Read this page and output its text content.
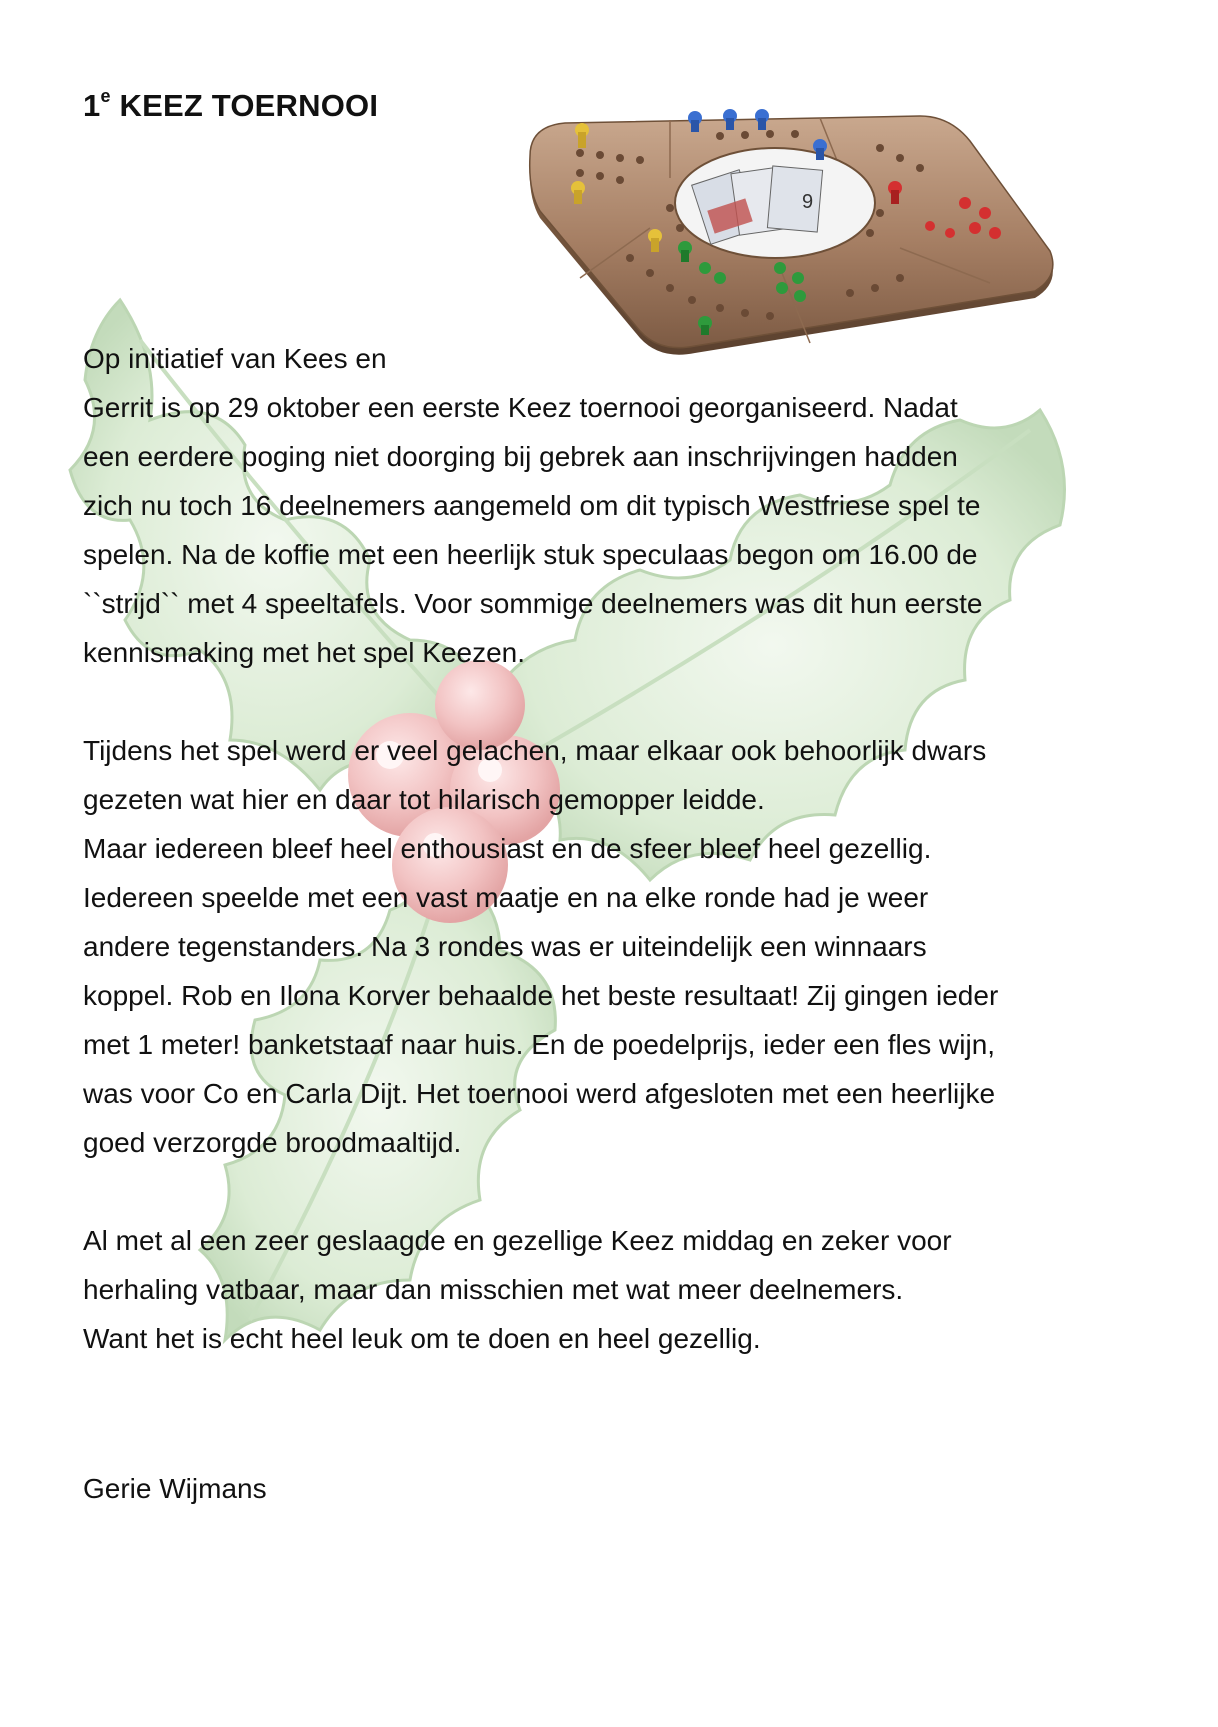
9
1e KEEZ TOERNOOI
Op initiatief van Kees en
Gerrit is op 29 oktober een eerste Keez toernooi georganiseerd. Nadat
een eerdere poging niet doorging bij gebrek aan inschrijvingen hadden
zich nu toch 16 deelnemers aangemeld om dit typisch Westfriese spel te
spelen. Na de koffie met een heerlijk stuk speculaas begon om 16.00 de
``strijd`` met 4 speeltafels. Voor sommige deelnemers was dit hun eerste
kennismaking met het spel Keezen.
Tijdens het spel werd er veel gelachen, maar elkaar ook behoorlijk dwars
gezeten wat hier en daar tot hilarisch gemopper leidde.
Maar iedereen bleef heel enthousiast en de sfeer bleef heel gezellig.
Iedereen speelde met een vast maatje en na elke ronde had je weer
andere tegenstanders. Na 3 rondes was er uiteindelijk een winnaars
koppel. Rob en Ilona Korver behaalde het beste resultaat! Zij gingen ieder
met 1 meter! banketstaaf naar huis. En de poedelprijs, ieder een fles wijn,
was voor Co en Carla Dijt. Het toernooi werd afgesloten met een heerlijke
goed verzorgde broodmaaltijd.
Al met al een zeer geslaagde en gezellige Keez middag en zeker voor
herhaling vatbaar, maar dan misschien met wat meer deelnemers.
Want het is echt heel leuk om te doen en heel gezellig.
Gerie Wijmans
